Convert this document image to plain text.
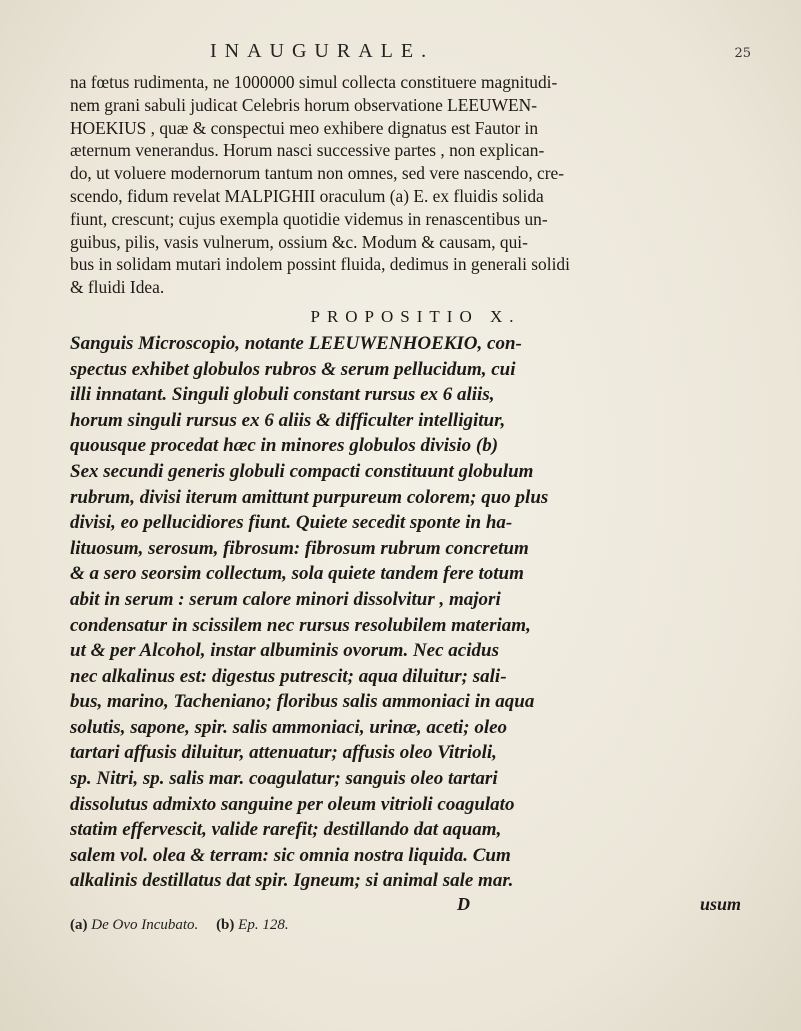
INAUGURALE.	25
na fœtus rudimenta, ne 1000000 simul collecta constituere magnitudi-
nem grani sabuli judicat Celebris horum observatione LEEUWEN-
HOEKIUS , quæ & conspectui meo exhibere dignatus est Fautor in
æternum venerandus. Horum nasci successive partes , non explican-
do, ut voluere modernorum tantum non omnes, sed vere nascendo, cre-
scendo, fidum revelat MALPIGHII oraculum (a) E. ex fluidis solida
fiunt, crescunt; cujus exempla quotidie videmus in renascentibus un-
guibus, pilis, vasis vulnerum, ossium &c. Modum & causam, qui-
bus in solidam mutari indolem possint fluida, dedimus in generali solidi
& fluidi Idea.
PROPOSITIO X.
Sanguis Microscopio, notante LEEUWENHOEKIO, con-
spectus exhibet globulos rubros & serum pellucidum, cui
illi innatant. Singuli globuli constant rursus ex 6 aliis,
horum singuli rursus ex 6 aliis & difficulter intelligitur,
quousque procedat hæc in minores globulos divisio (b)
Sex secundi generis globuli compacti constituunt globulum
rubrum, divisi iterum amittunt purpureum colorem; quo plus
divisi, eo pellucidiores fiunt. Quiete secedit sponte in ha-
lituosum, serosum, fibrosum: fibrosum rubrum concretum
& a sero seorsim collectum, sola quiete tandem fere totum
abit in serum : serum calore minori dissolvitur , majori
condensatur in scissilem nec rursus resolubilem materiam,
ut & per Alcohol, instar albuminis ovorum. Nec acidus
nec alkalinus est: digestus putrescit; aqua diluitur; sali-
bus, marino, Tacheniano; floribus salis ammoniaci in aqua
solutis, sapone, spir. salis ammoniaci, urinæ, aceti; oleo
tartari affusis diluitur, attenuatur; affusis oleo Vitrioli,
sp. Nitri, sp. salis mar. coagulatur; sanguis oleo tartari
dissolutus admixto sanguine per oleum vitrioli coagulato
statim effervescit, valide rarefit; destillando dat aquam,
salem vol. olea & terram: sic omnia nostra liquida. Cum
alkalinis destillatus dat spir. Igneum; si animal sale mar.
D	usum
(a) De Ovo Incubato. (b) Ep. 128.
